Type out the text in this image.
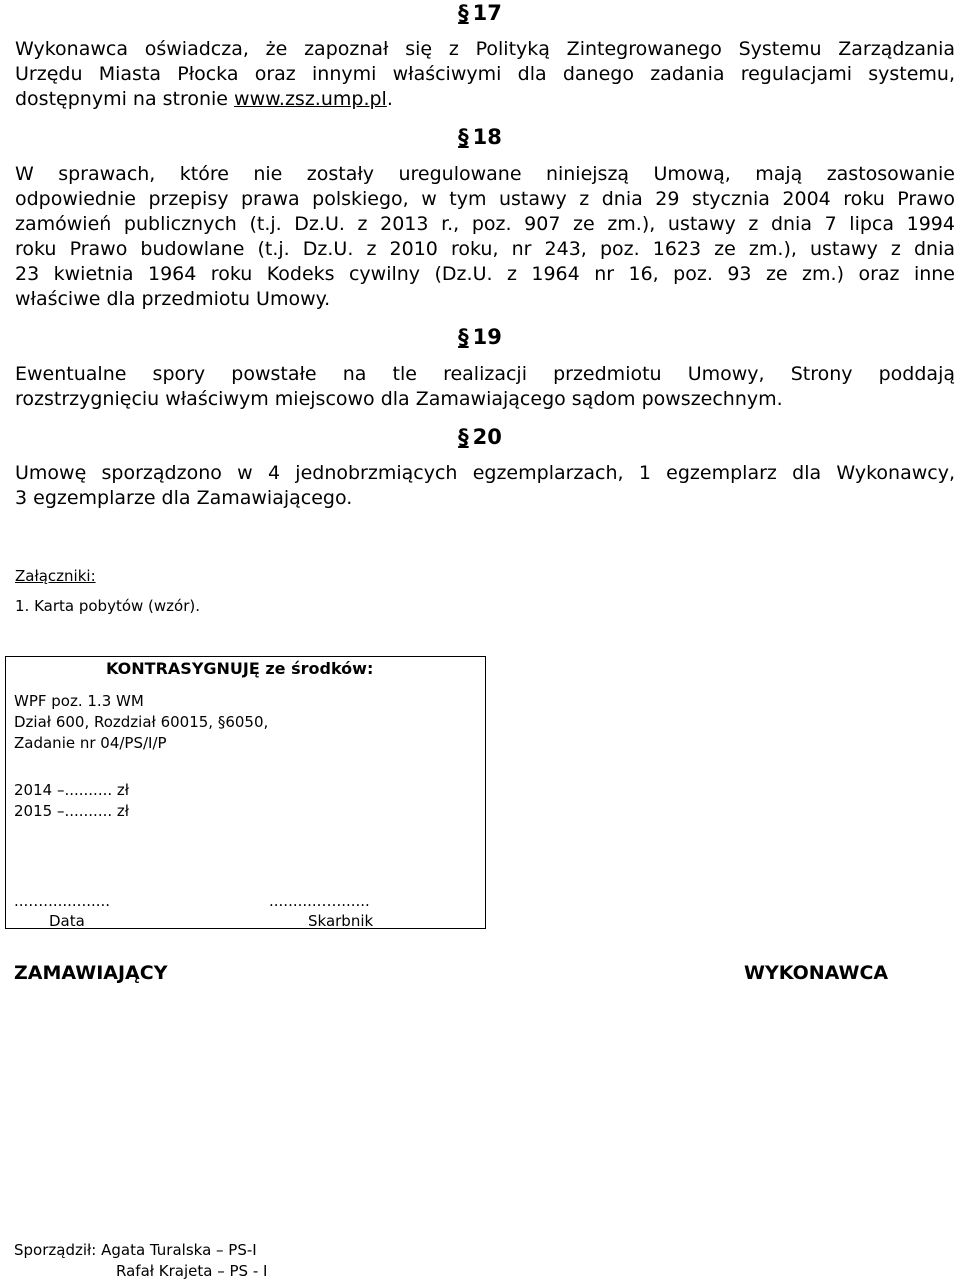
§ 17
Wykonawca oświadcza, że zapoznał się z Polityką Zintegrowanego Systemu Zarządzania
Urzędu Miasta Płocka oraz innymi właściwymi dla danego zadania regulacjami systemu,
dostępnymi na stronie www.zsz.ump.pl.
§ 18
W sprawach, które nie zostały uregulowane niniejszą Umową, mają zastosowanie
odpowiednie przepisy prawa polskiego, w tym ustawy z dnia 29 stycznia 2004 roku Prawo
zamówień publicznych (t.j. Dz.U. z 2013 r., poz. 907 ze zm.), ustawy z dnia 7 lipca 1994
roku Prawo budowlane (t.j. Dz.U. z 2010 roku, nr 243, poz. 1623 ze zm.), ustawy z dnia
23 kwietnia 1964 roku Kodeks cywilny (Dz.U. z 1964 nr 16, poz. 93 ze zm.) oraz inne
właściwe dla przedmiotu Umowy.
§ 19
Ewentualne spory powstałe na tle realizacji przedmiotu Umowy, Strony poddają
rozstrzygnięciu właściwym miejscowo dla Zamawiającego sądom powszechnym.
§ 20
Umowę sporządzono w 4 jednobrzmiących egzemplarzach, 1 egzemplarz dla Wykonawcy,
3 egzemplarze dla Zamawiającego.
Załączniki:
1. Karta pobytów (wzór).
KONTRASYGNUJĘ ze środków:
WPF poz. 1.3 WM
Dział 600, Rozdział 60015, §6050,
Zadanie nr 04/PS/I/P
2014 –.......... zł
2015 –.......... zł
...…..............	...........….......
Data	Skarbnik
ZAMAWIAJĄCY	WYKONAWCA
Sporządził: Agata Turalska – PS-I
Rafał Krajeta – PS - I
